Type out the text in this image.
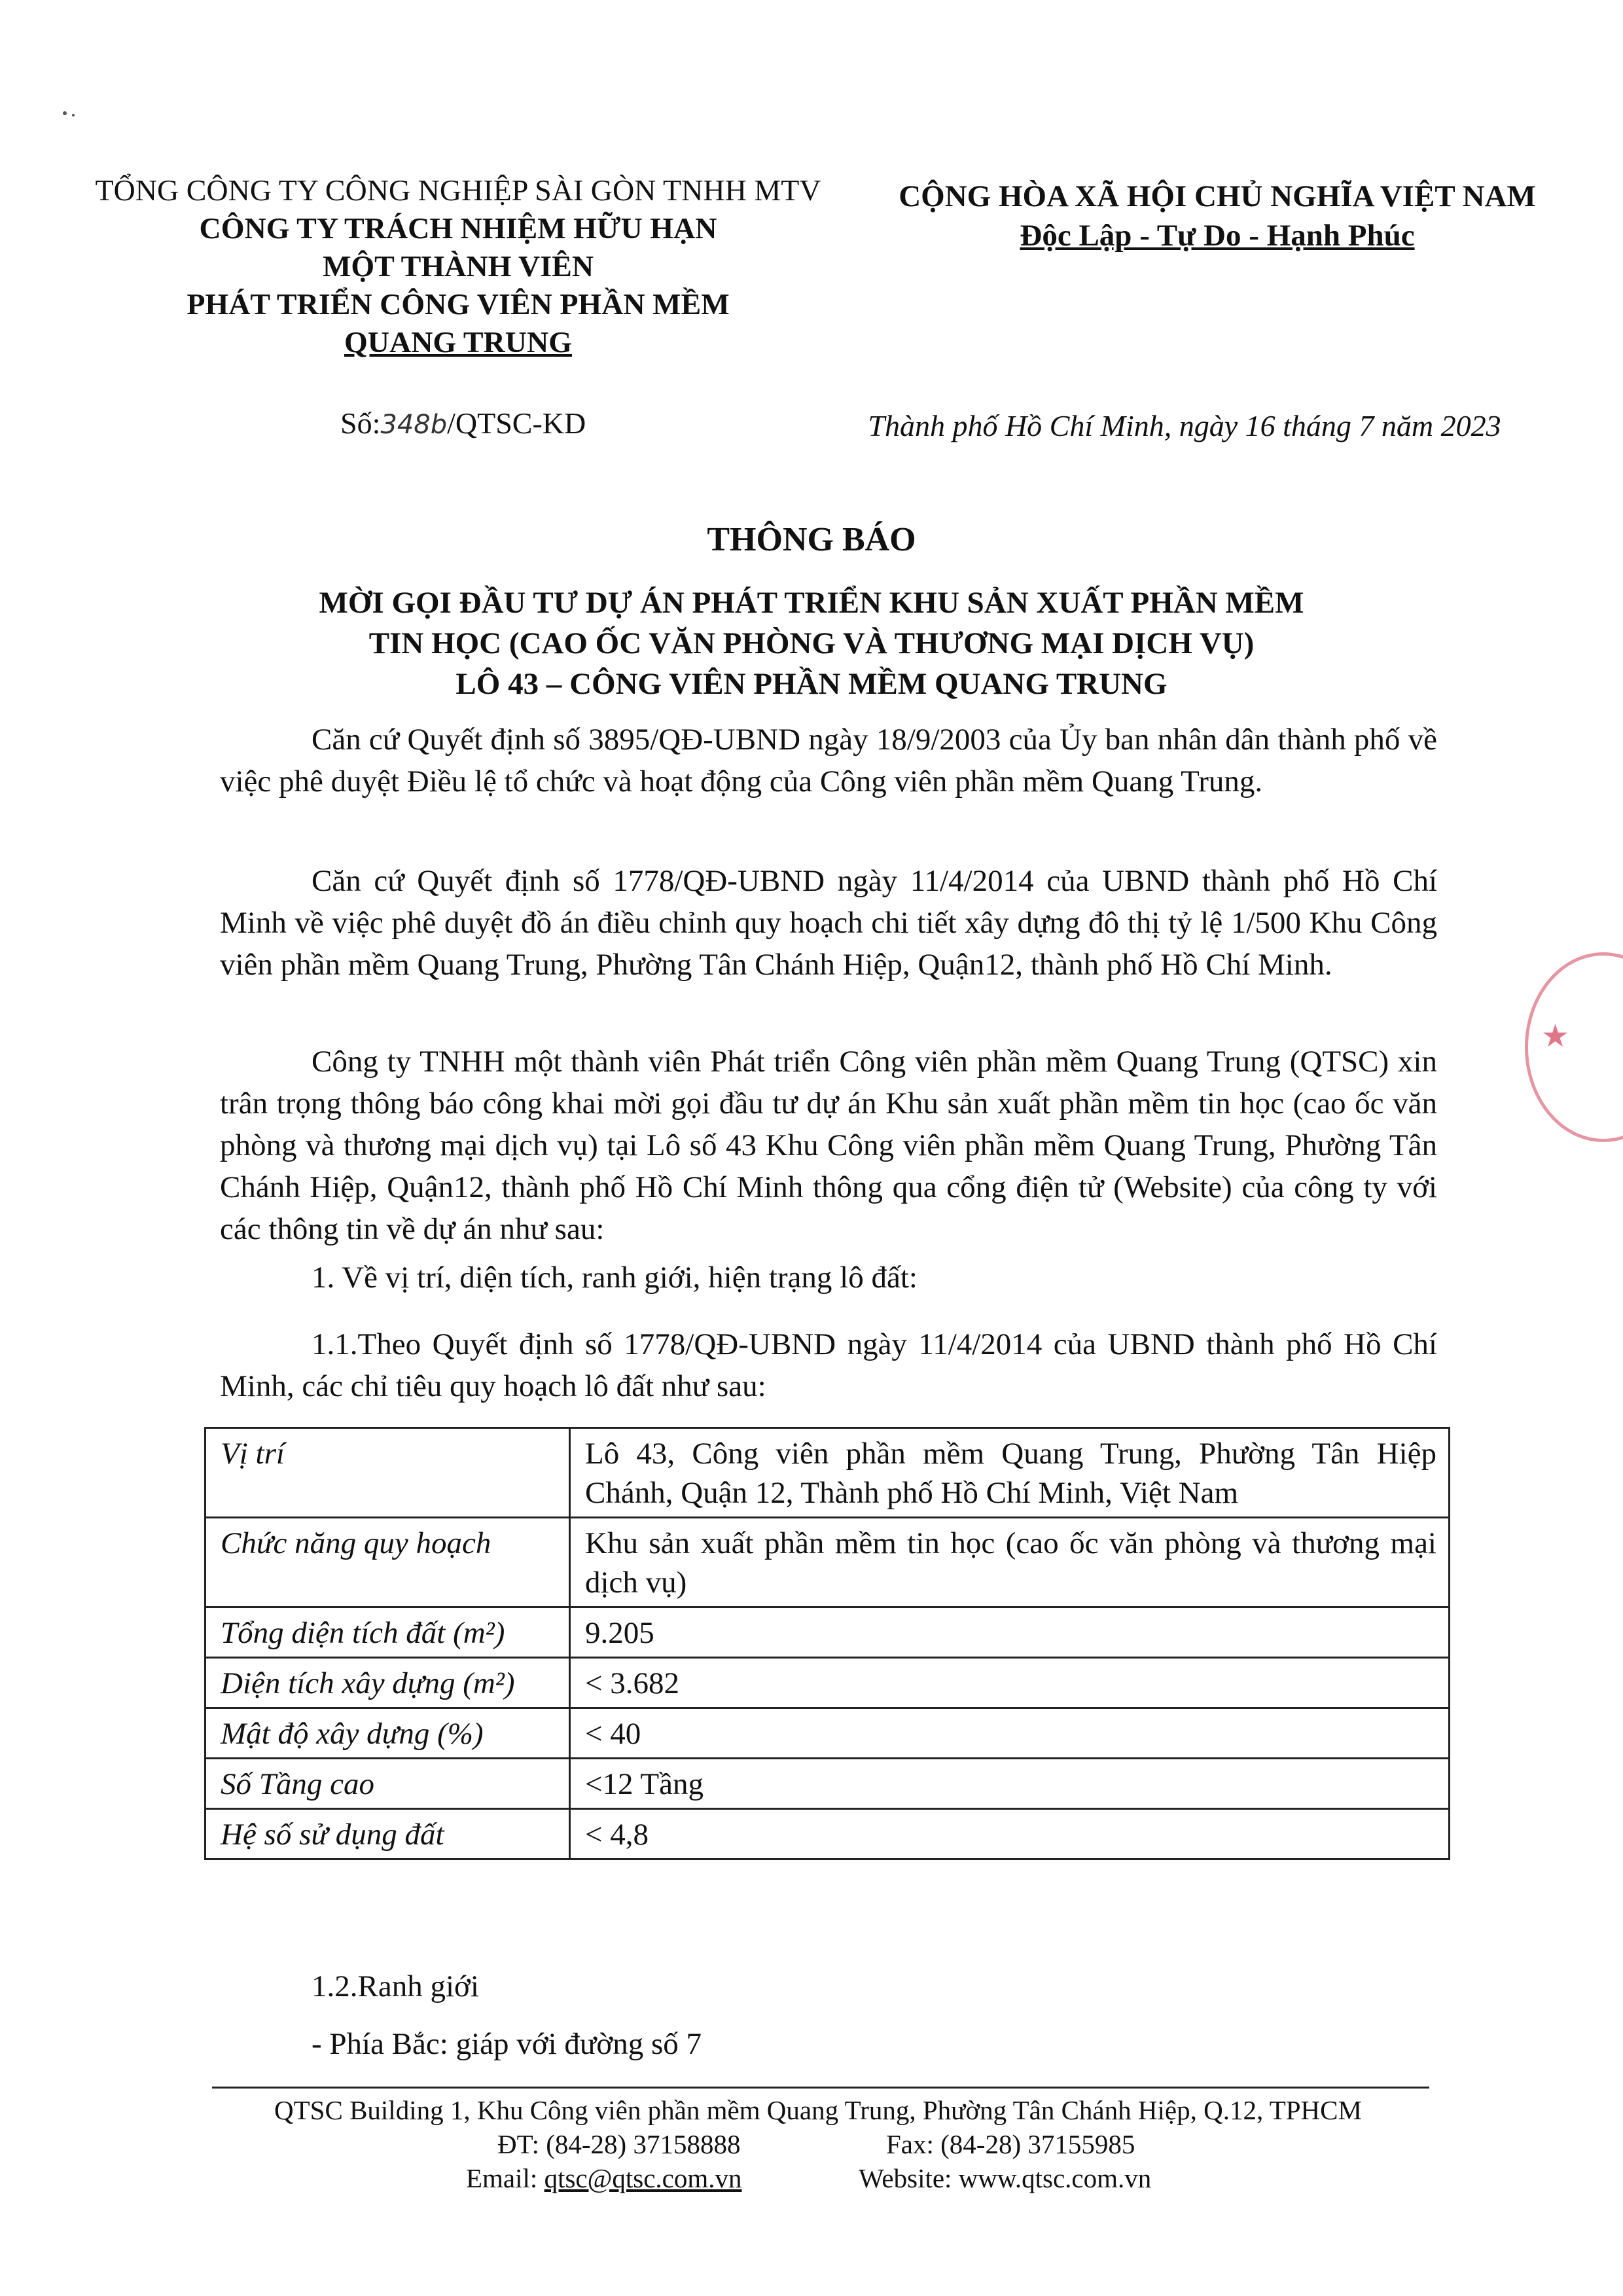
TỔNG CÔNG TY CÔNG NGHIỆP SÀI GÒN TNHH MTV
CÔNG TY TRÁCH NHIỆM HỮU HẠN
MỘT THÀNH VIÊN
PHÁT TRIỂN CÔNG VIÊN PHẦN MỀM
QUANG TRUNG
CỘNG HÒA XÃ HỘI CHỦ NGHĨA VIỆT NAM
Độc Lập - Tự Do - Hạnh Phúc
Số:348b/QTSC-KD	Thành phố Hồ Chí Minh, ngày 16 tháng 7 năm 2023
THÔNG BÁO
MỜI GỌI ĐẦU TƯ DỰ ÁN PHÁT TRIỂN KHU SẢN XUẤT PHẦN MỀM
TIN HỌC (CAO ỐC VĂN PHÒNG VÀ THƯƠNG MẠI DỊCH VỤ)
LÔ 43 – CÔNG VIÊN PHẦN MỀM QUANG TRUNG
Căn cứ Quyết định số 3895/QĐ-UBND ngày 18/9/2003 của Ủy ban nhân dân thành phố về việc phê duyệt Điều lệ tổ chức và hoạt động của Công viên phần mềm Quang Trung.
Căn cứ Quyết định số 1778/QĐ-UBND ngày 11/4/2014 của UBND thành phố Hồ Chí Minh về việc phê duyệt đồ án điều chỉnh quy hoạch chi tiết xây dựng đô thị tỷ lệ 1/500 Khu Công viên phần mềm Quang Trung, Phường Tân Chánh Hiệp, Quận12, thành phố Hồ Chí Minh.
Công ty TNHH một thành viên Phát triển Công viên phần mềm Quang Trung (QTSC) xin trân trọng thông báo công khai mời gọi đầu tư dự án Khu sản xuất phần mềm tin học (cao ốc văn phòng và thương mại dịch vụ) tại Lô số 43 Khu Công viên phần mềm Quang Trung, Phường Tân Chánh Hiệp, Quận12, thành phố Hồ Chí Minh thông qua cổng điện tử (Website) của công ty với các thông tin về dự án như sau:
1. Về vị trí, diện tích, ranh giới, hiện trạng lô đất:
1.1.Theo Quyết định số 1778/QĐ-UBND ngày 11/4/2014 của UBND thành phố Hồ Chí Minh, các chỉ tiêu quy hoạch lô đất như sau:
Vị trí	Lô 43, Công viên phần mềm Quang Trung, Phường Tân Hiệp Chánh, Quận 12, Thành phố Hồ Chí Minh, Việt Nam
Chức năng quy hoạch	Khu sản xuất phần mềm tin học (cao ốc văn phòng và thương mại dịch vụ)
Tổng diện tích đất (m²)	9.205
Diện tích xây dựng (m²)	< 3.682
Mật độ xây dựng (%)	< 40
Số Tầng cao	<12 Tầng
Hệ số sử dụng đất	< 4,8
1.2.Ranh giới
- Phía Bắc: giáp với đường số 7
QTSC Building 1, Khu Công viên phần mềm Quang Trung, Phường Tân Chánh Hiệp, Q.12, TPHCM
ĐT: (84-28) 37158888	Fax: (84-28) 37155985
Email: qtsc@qtsc.com.vn	Website: www.qtsc.com.vn
★
